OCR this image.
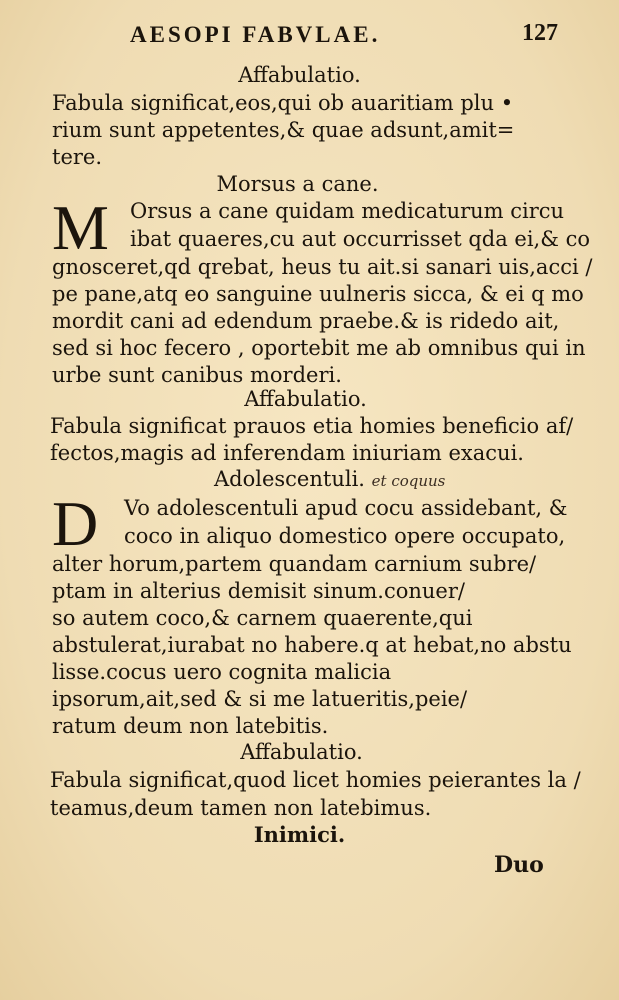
AESOPI FABVLAE.	127
Affabulatio.
Fabula significat,eos,qui ob auaritiam plu •
rium sunt appetentes,& quae adsunt,amit=
tere.
Morsus a cane.
M Orsus a cane quidam medicaturum circu
ibat quaeres,cu aut occurrisset qda ei,& co
gnosceret,qd qrebat, heus tu ait.si sanari uis,acci /
pe pane,atq eo sanguine uulneris sicca, & ei q mo
mordit cani ad edendum praebe.& is ridedo ait,
sed si hoc fecero , oportebit me ab omnibus qui in
urbe sunt canibus morderi.
Affabulatio.
Fabula significat prauos etia homies beneficio af/
fectos,magis ad inferendam iniuriam exacui.
Adolescentuli. et coquus
D Vo adolescentuli apud cocu assidebant, &
coco in aliquo domestico opere occupato,
alter horum,partem quandam carnium subre/
ptam in alterius demisit sinum.conuer/
so autem coco,& carnem quaerente,qui
abstulerat,iurabat no habere.q at hebat,no abstu
lisse.cocus uero cognita malicia
ipsorum,ait,sed & si me latueritis,peie/
ratum deum non latebitis.
Affabulatio.
Fabula significat,quod licet homies peierantes la /
teamus,deum tamen non latebimus.
Inimici.
Duo
